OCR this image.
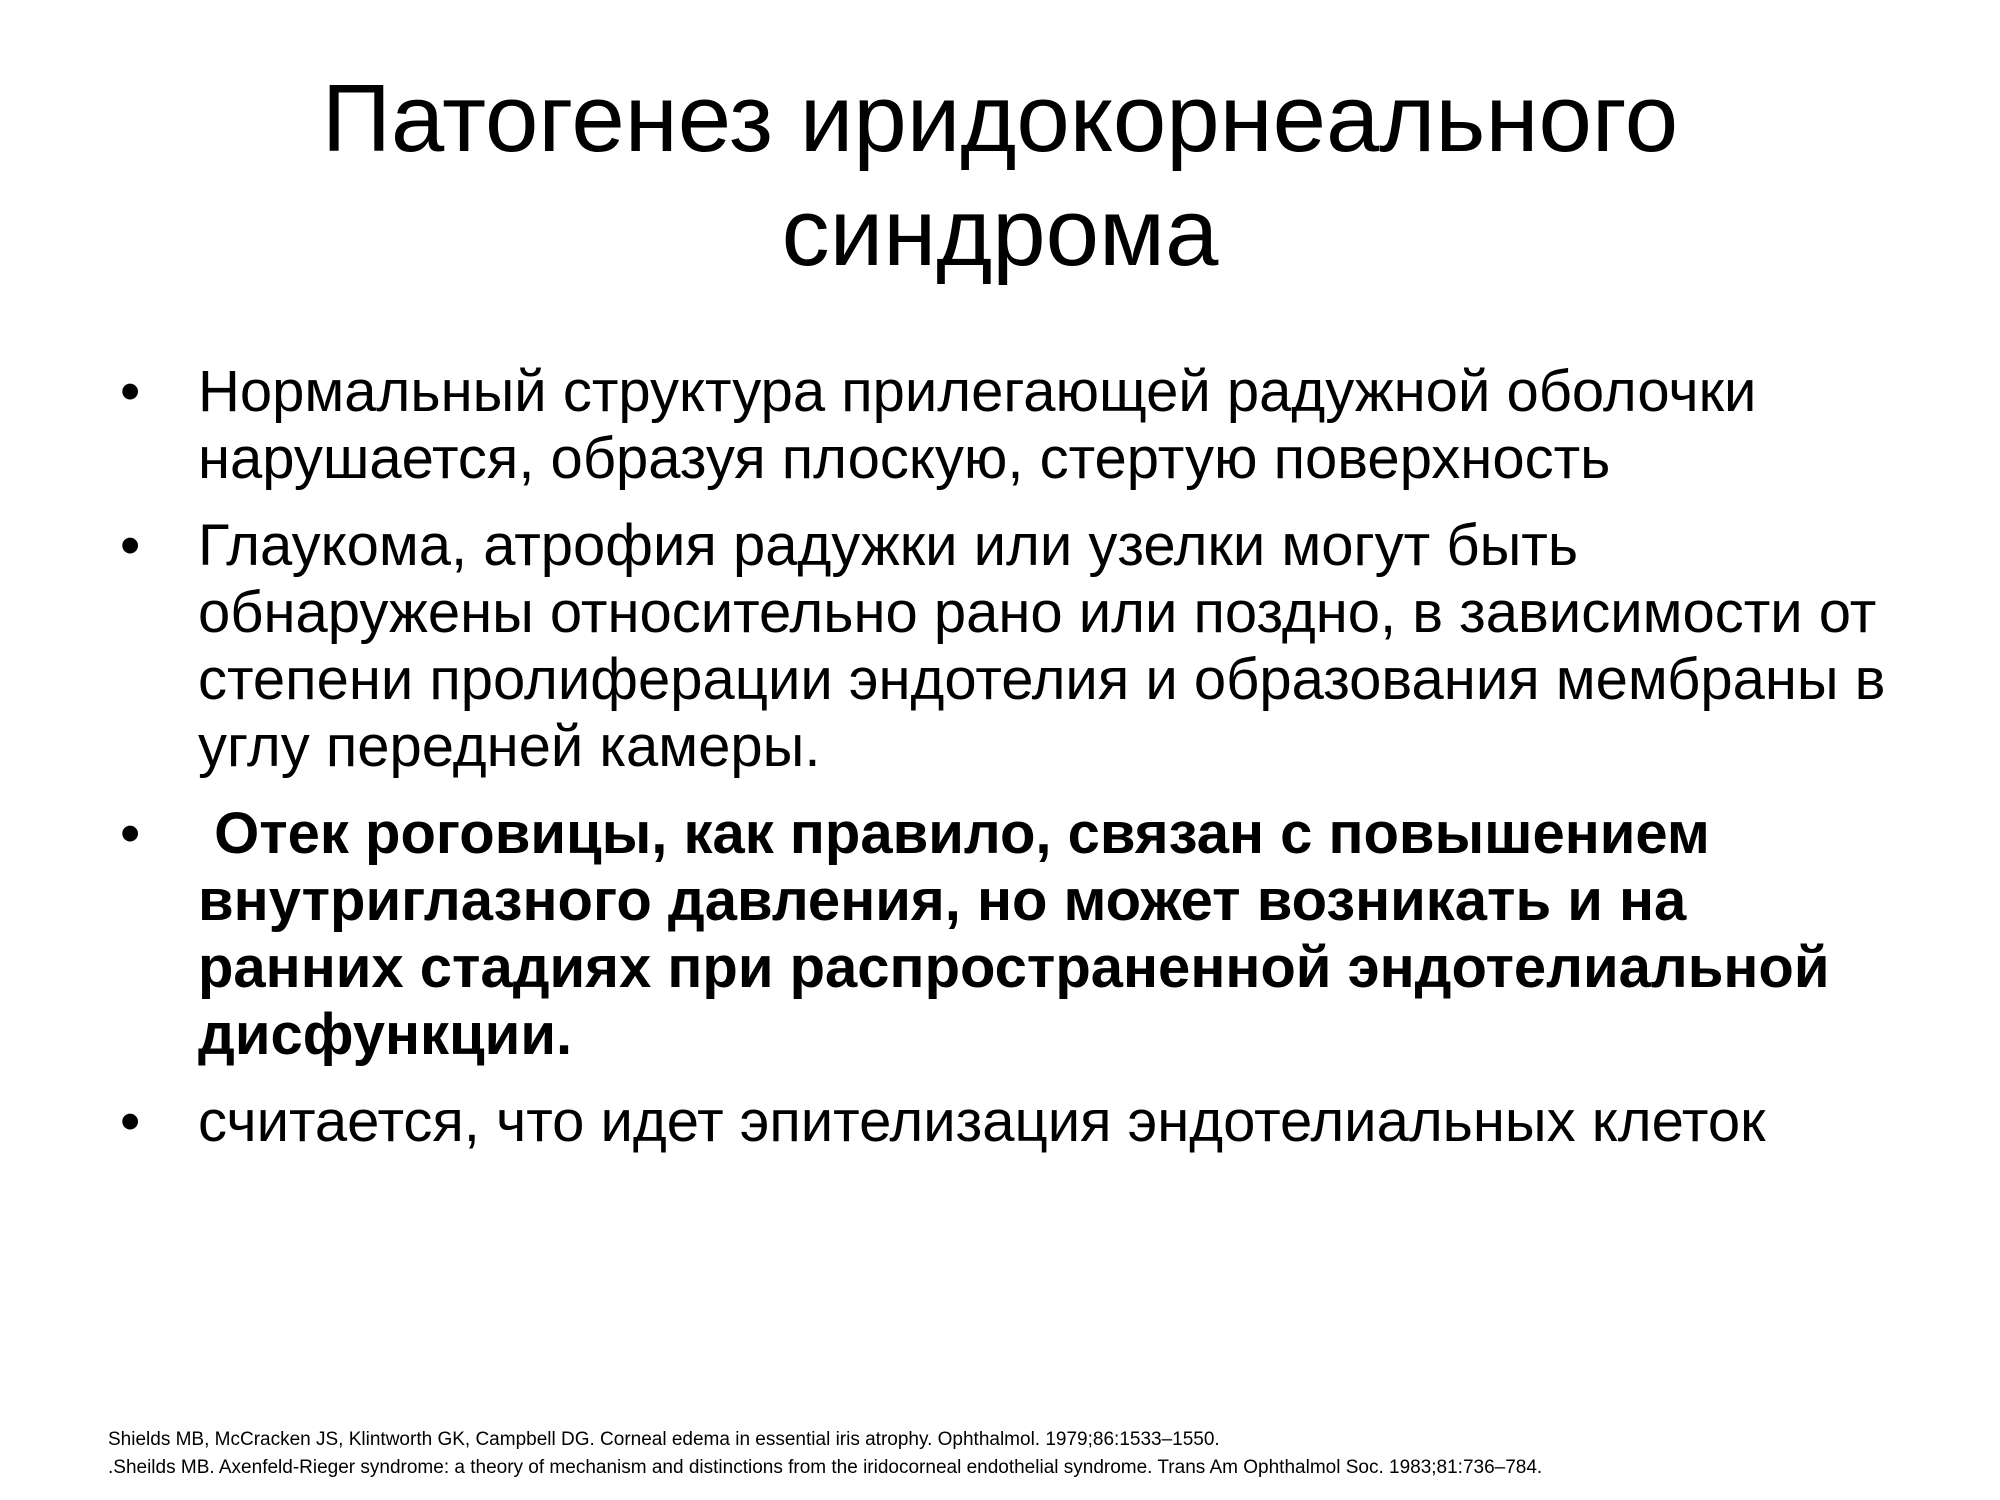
Патогенез иридокорнеального синдрома
• Нормальный структура прилегающей радужной оболочки нарушается, образуя плоскую, стертую поверхность
• Глаукома, атрофия радужки или узелки могут быть обнаружены относительно рано или поздно, в зависимости от степени пролиферации эндотелия и образования мембраны в углу передней камеры.
• Отек роговицы, как правило, связан с повышением внутриглазного давления, но может возникать и на ранних стадиях при распространенной эндотелиальной дисфункции.
• считается, что идет эпителизация эндотелиальных клеток
Shields MB, McCracken JS, Klintworth GK, Campbell DG. Corneal edema in essential iris atrophy. Ophthalmol. 1979;86:1533–1550.
.Sheilds MB. Axenfeld-Rieger syndrome: a theory of mechanism and distinctions from the iridocorneal endothelial syndrome. Trans Am Ophthalmol Soc. 1983;81:736–784.
